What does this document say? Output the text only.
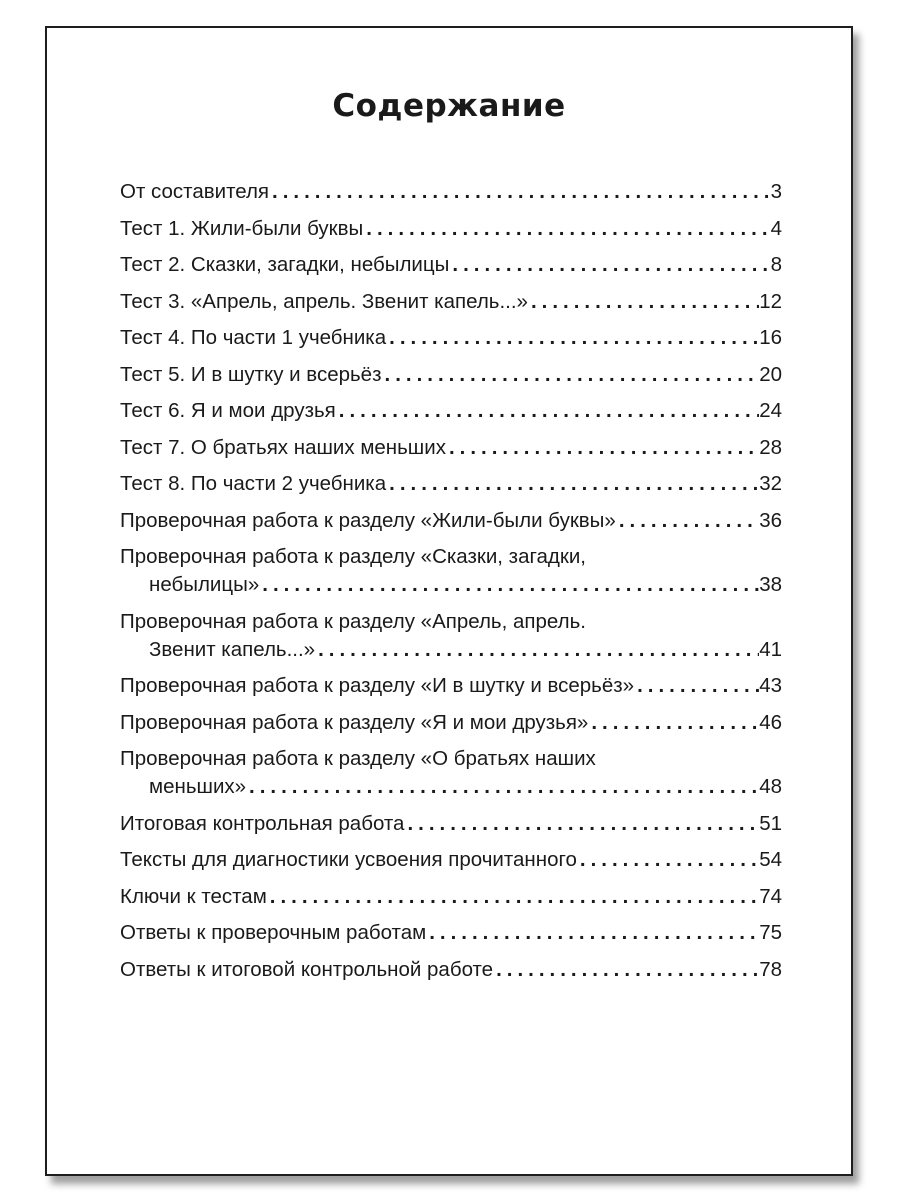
Содержание
От составителя . . .	3
Тест 1. Жили-были буквы . . .	4
Тест 2. Сказки, загадки, небылицы . . .	8
Тест 3. «Апрель, апрель. Звенит капель...» . . .	12
Тест 4. По части 1 учебника . . .	16
Тест 5. И в шутку и всерьёз . . .	20
Тест 6. Я и мои друзья . . .	24
Тест 7. О братьях наших меньших . . .	28
Тест 8. По части 2 учебника . . .	32
Проверочная работа к разделу «Жили-были буквы» . . .	36
Проверочная работа к разделу «Сказки, загадки,
небылицы» . . .	38
Проверочная работа к разделу «Апрель, апрель.
Звенит капель...» . . .	41
Проверочная работа к разделу «И в шутку и всерьёз» . . .	43
Проверочная работа к разделу «Я и мои друзья» . . .	46
Проверочная работа к разделу «О братьях наших
меньших» . . .	48
Итоговая контрольная работа . . .	51
Тексты для диагностики усвоения прочитанного . . .	54
Ключи к тестам . . .	74
Ответы к проверочным работам . . .	75
Ответы к итоговой контрольной работе . . .	78
